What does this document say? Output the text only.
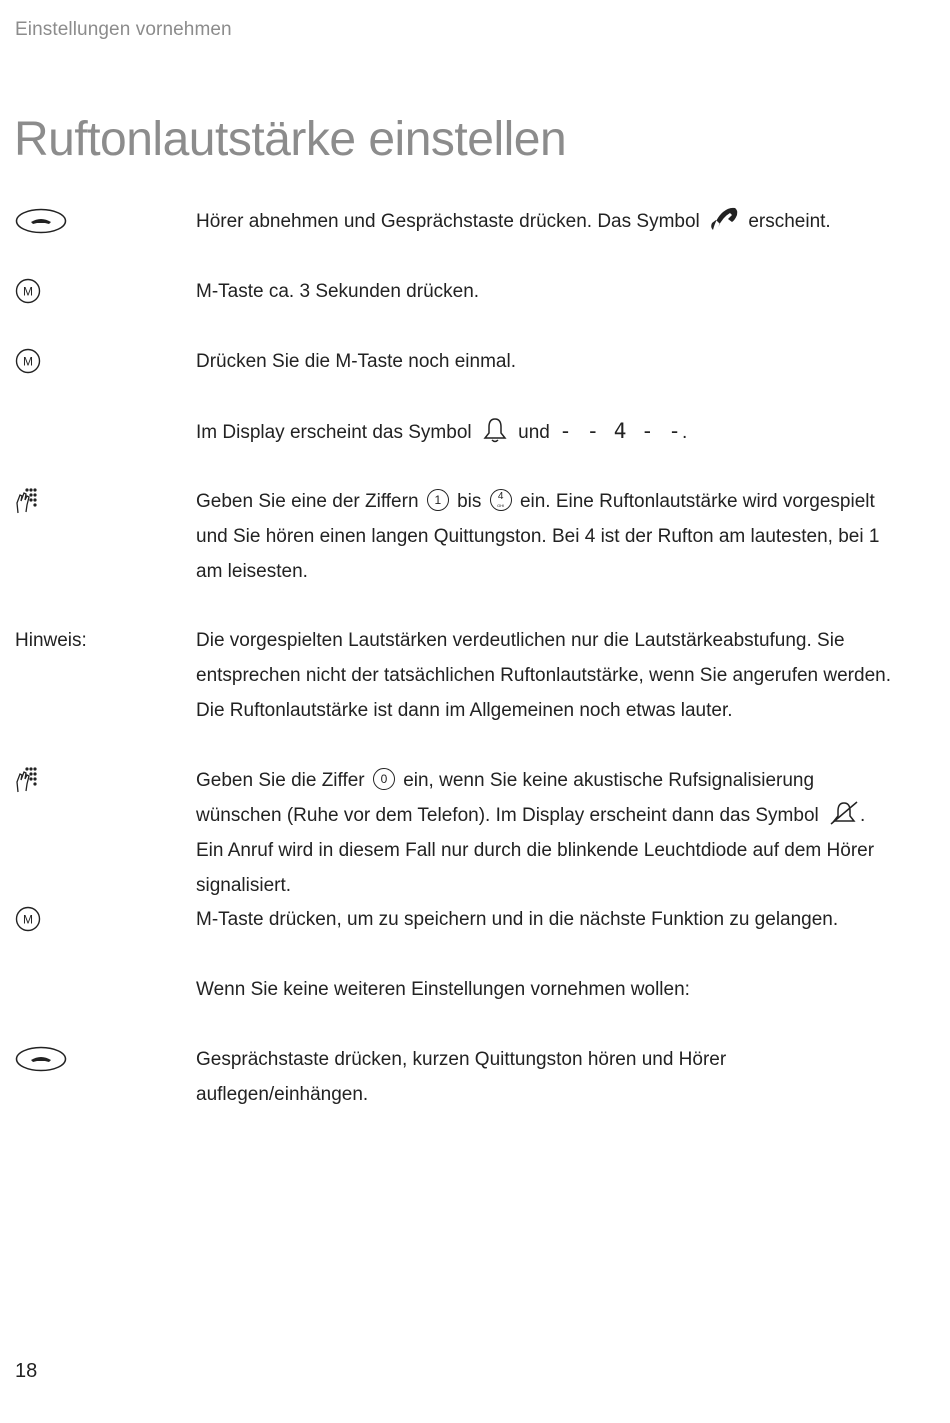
Einstellungen vornehmen
Ruftonlautstärke einstellen
Hörer abnehmen und Gesprächstaste drücken. Das Symbol	erscheint.
M	M-Taste ca. 3 Sekunden drücken.
M	Drücken Sie die M-Taste noch einmal.
Im Display erscheint das Symbol und - - 4 - -.
Geben Sie eine der Ziffern 1 bis 4
GHI ein. Eine Ruftonlautstärke wird vorgespielt und Sie hören einen langen Quittungston. Bei 4 ist der Rufton am lautesten, bei 1 am leisesten.
Hinweis:	Die vorgespielten Lautstärken verdeutlichen nur die Lautstärkeabstufung. Sie entsprechen nicht der tatsächlichen Ruftonlautstärke, wenn Sie angerufen werden. Die Ruftonlautstärke ist dann im Allgemeinen noch etwas lauter.
Geben Sie die Ziffer 0 ein, wenn Sie keine akustische Rufsignalisierung wünschen (Ruhe vor dem Telefon). Im Display erscheint dann das Symbol . Ein Anruf wird in diesem Fall nur durch die blinkende Leuchtdiode auf dem Hörer signalisiert.
M	M-Taste drücken, um zu speichern und in die nächste Funktion zu gelangen.
Wenn Sie keine weiteren Einstellungen vornehmen wollen:
Gesprächstaste drücken, kurzen Quittungston hören und Hörer auflegen/einhängen.
18
